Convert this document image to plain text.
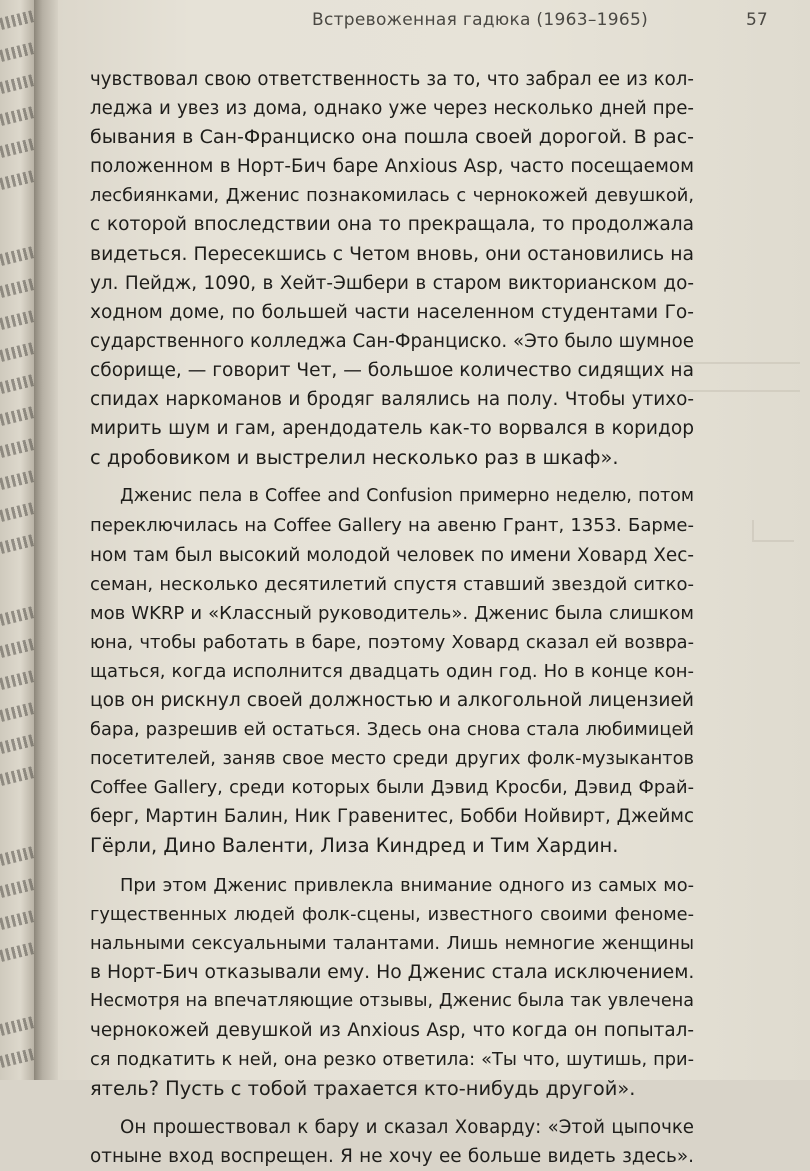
Встревоженная гадюка (1963–1965)	57

чувствовал свою ответственность за то, что забрал ее из кол-
леджа и увез из дома, однако уже через несколько дней пре-
бывания в Сан-Франциско она пошла своей дорогой. В рас-
положенном в Норт-Бич баре Anxious Asp, часто посещаемом
лесбиянками, Дженис познакомилась с чернокожей девушкой,
с которой впоследствии она то прекращала, то продолжала
видеться. Пересекшись с Четом вновь, они остановились на
ул. Пейдж, 1090, в Хейт-Эшбери в старом викторианском до-
ходном доме, по большей части населенном студентами Го-
сударственного колледжа Сан-Франциско. «Это было шумное
сборище, — говорит Чет, — большое количество сидящих на
спидах наркоманов и бродяг валялись на полу. Чтобы утихо-
мирить шум и гам, арендодатель как-то ворвался в коридор
с дробовиком и выстрелил несколько раз в шкаф».

Дженис пела в Coffee and Confusion примерно неделю, потом
переключилась на Coffee Gallery на авеню Грант, 1353. Барме-
ном там был высокий молодой человек по имени Ховард Хес-
семан, несколько десятилетий спустя ставший звездой ситко-
мов WKRP и «Классный руководитель». Дженис была слишком
юна, чтобы работать в баре, поэтому Ховард сказал ей возвра-
щаться, когда исполнится двадцать один год. Но в конце кон-
цов он рискнул своей должностью и алкогольной лицензией
бара, разрешив ей остаться. Здесь она снова стала любимицей
посетителей, заняв свое место среди других фолк-музыкантов
Coffee Gallery, среди которых были Дэвид Кросби, Дэвид Фрай-
берг, Мартин Балин, Ник Гравенитес, Бобби Нойвирт, Джеймс
Гёрли, Дино Валенти, Лиза Киндред и Тим Хардин.

При этом Дженис привлекла внимание одного из самых мо-
гущественных людей фолк-сцены, известного своими феноме-
нальными сексуальными талантами. Лишь немногие женщины
в Норт-Бич отказывали ему. Но Дженис стала исключением.
Несмотря на впечатляющие отзывы, Дженис была так увлечена
чернокожей девушкой из Anxious Asp, что когда он попытал-
ся подкатить к ней, она резко ответила: «Ты что, шутишь, при-
ятель? Пусть с тобой трахается кто-нибудь другой».

Он прошествовал к бару и сказал Ховарду: «Этой цыпочке
отныне вход воспрещен. Я не хочу ее больше видеть здесь».
